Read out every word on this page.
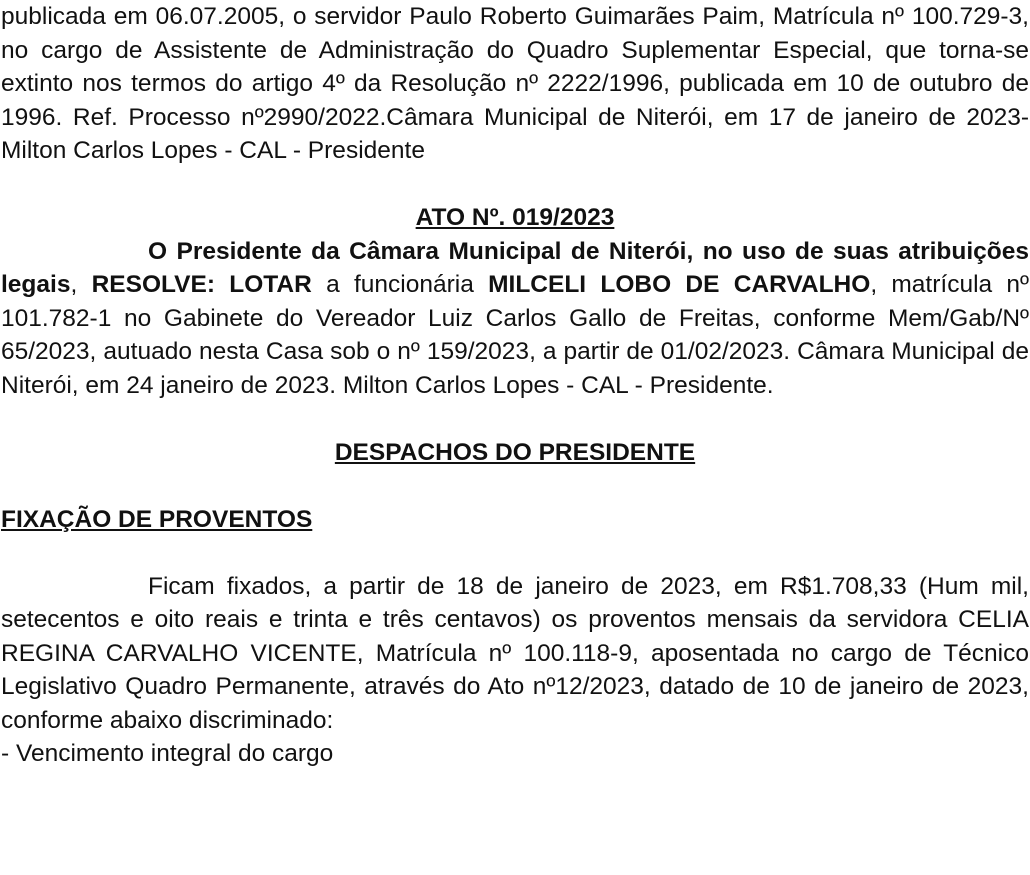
publicada em 06.07.2005, o servidor Paulo Roberto Guimarães Paim, Matrícula nº 100.729-3, no cargo de Assistente de Administração do Quadro Suplementar Especial, que torna-se extinto nos termos do artigo 4º da Resolução nº 2222/1996, publicada em 10 de outubro de 1996. Ref. Processo nº2990/2022.Câmara Municipal de Niterói, em 17 de janeiro de 2023- Milton Carlos Lopes - CAL - Presidente

ATO Nº. 019/2023

O Presidente da Câmara Municipal de Niterói, no uso de suas atribuições legais, RESOLVE: LOTAR a funcionária MILCELI LOBO DE CARVALHO, matrícula nº 101.782-1 no Gabinete do Vereador Luiz Carlos Gallo de Freitas, conforme Mem/Gab/Nº 65/2023, autuado nesta Casa sob o nº 159/2023, a partir de 01/02/2023. Câmara Municipal de Niterói, em 24 janeiro de 2023. Milton Carlos Lopes - CAL - Presidente.

DESPACHOS DO PRESIDENTE

FIXAÇÃO DE PROVENTOS

Ficam fixados, a partir de 18 de janeiro de 2023, em R$1.708,33 (Hum mil, setecentos e oito reais e trinta e três centavos) os proventos mensais da servidora CELIA REGINA CARVALHO VICENTE, Matrícula nº 100.118-9, aposentada no cargo de Técnico Legislativo Quadro Permanente, através do Ato nº12/2023, datado de 10 de janeiro de 2023, conforme abaixo discriminado:

- Vencimento integral do cargo
